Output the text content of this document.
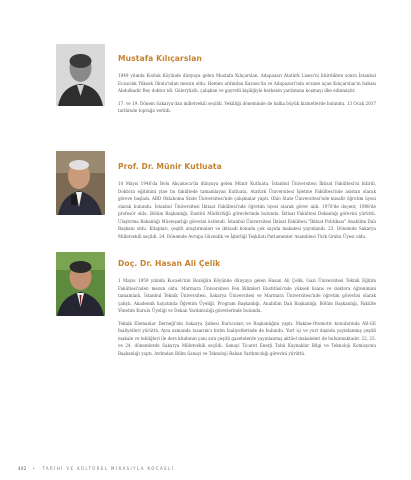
Mustafa Kılıçarslan

1949 yılında Kozluk Köyünde dünyaya gelen Mustafa Kılıçarslan, Adapazarı Atatürk Lisesi'ni bitirdikten sonra İstanbul Eczacılık Yüksek Okulu'ndan mezun oldu. Hemen ardından Karasu'da ve Adapazarı'nda eczane açan Kılıçarslan'ın babası Abdulkadir Bey doktor idi. Güleryüzlü, çalışkan ve gayretli kişiliğiyle herkesin yardımına koşmayı ilke edinmiştir.

17. ve 19. Dönem Sakarya'dan milletvekili seçildi. Vekilliği döneminde de halka büyük hizmetlerde bulundu. 13 Ocak 2017 tarihinde toprağa verildi.

Prof. Dr. Münir Kutluata

10 Mayıs 1946'da Bolu Akçakoca'da dünyaya gelen Münir Kutluata, İstanbul Üniversitesi İktisat Fakültesi'ni bitirdi. Doktora eğitimini yine bu fakültede tamamlayan Kutluata, Atatürk Üniversitesi İşletme Fakültesi'nde asistan olarak göreve başladı. ABD Oklahoma State Üniversitesi'nde çalışmalar yaptı. Ohio State Üniversitesi'nde misafir öğretim üyesi olarak bulundu. İstanbul Üniversitesi İktisat Fakültesi'nde öğretim üyesi olarak görev aldı. 1978'de doçent, 1988'de profesör oldu. Bölüm Başkanlığı, Enstitü Müdürlüğü görevlerinde bulundu. İktisat Fakültesi Dekanlığı görevini yürüttü. Ulaştırma Bakanlığı Müsteşarlığı görevini üstlendi. İstanbul Üniversitesi İktisat Fakültesi "İktisat Politikası" Anabilim Dalı Başkanı oldu. Kitapları, çeşitli araştırmaları ve iktisadi konuda çok sayıda makalesi yayınlandı. 23. Dönemde Sakarya Milletvekili seçildi. 24. Dönemde Avrupa Güvenlik ve İşbirliği Teşkilatı Parlamenter Asamblesi Türk Grubu Üyesi oldu.

Doç. Dr. Hasan Ali Çelik

1 Mayıs 1959 yılında Kocaeli'nin Bozöğün Köyünde dünyaya gelen Hasan Ali Çelik, Gazi Üniversitesi Teknik Eğitim Fakültesi'nden mezun oldu. Marmara Üniversitesi Fen Bilimleri Enstitüsü'nde yüksek lisans ve doktora öğrenimini tamamladı. İstanbul Teknik Üniversitesi, Sakarya Üniversitesi ve Marmara Üniversitesi'nde öğretim görevlisi olarak çalıştı. Akademik hayatında Öğretim Üyeliği, Program Başkanlığı, Anabilim Dalı Başkanlığı, Bölüm Başkanlığı, Fakülte Yönetim Kurulu Üyeliği ve Dekan Yardımcılığı görevlerinde bulundu.

Teknik Elemanlar Derneği'nin Sakarya Şubesi Kurucuları ve Başkanlığını yaptı. Makine-Otomotiv konularında AR-GE faaliyetleri yürüttü. Aynı zamanda tasarımcı birim faaliyetlerinde de bulundu. Yurt içi ve yurt dışında yayınlanmış çeşitli makale ve tebliğleri ile ders kitabının yanı sıra çeşitli gazetelerde yayınlanmış aktüel makaleleri de bulunmaktadır. 22, 23. ve 24. dönemlerde Sakarya Milletvekili seçildi. Sanayi Ticaret Enerji Tabii Kaynaklar Bilgi ve Teknoloji Komisyonu Başkanlığı yaptı. Ardından Bilim Sanayi ve Teknoloji Bakan Yardımcılığı görevini yürüttü.

402 • TARİHİ VE KÜLTÜREL MİRASIYLA KOCAELİ
